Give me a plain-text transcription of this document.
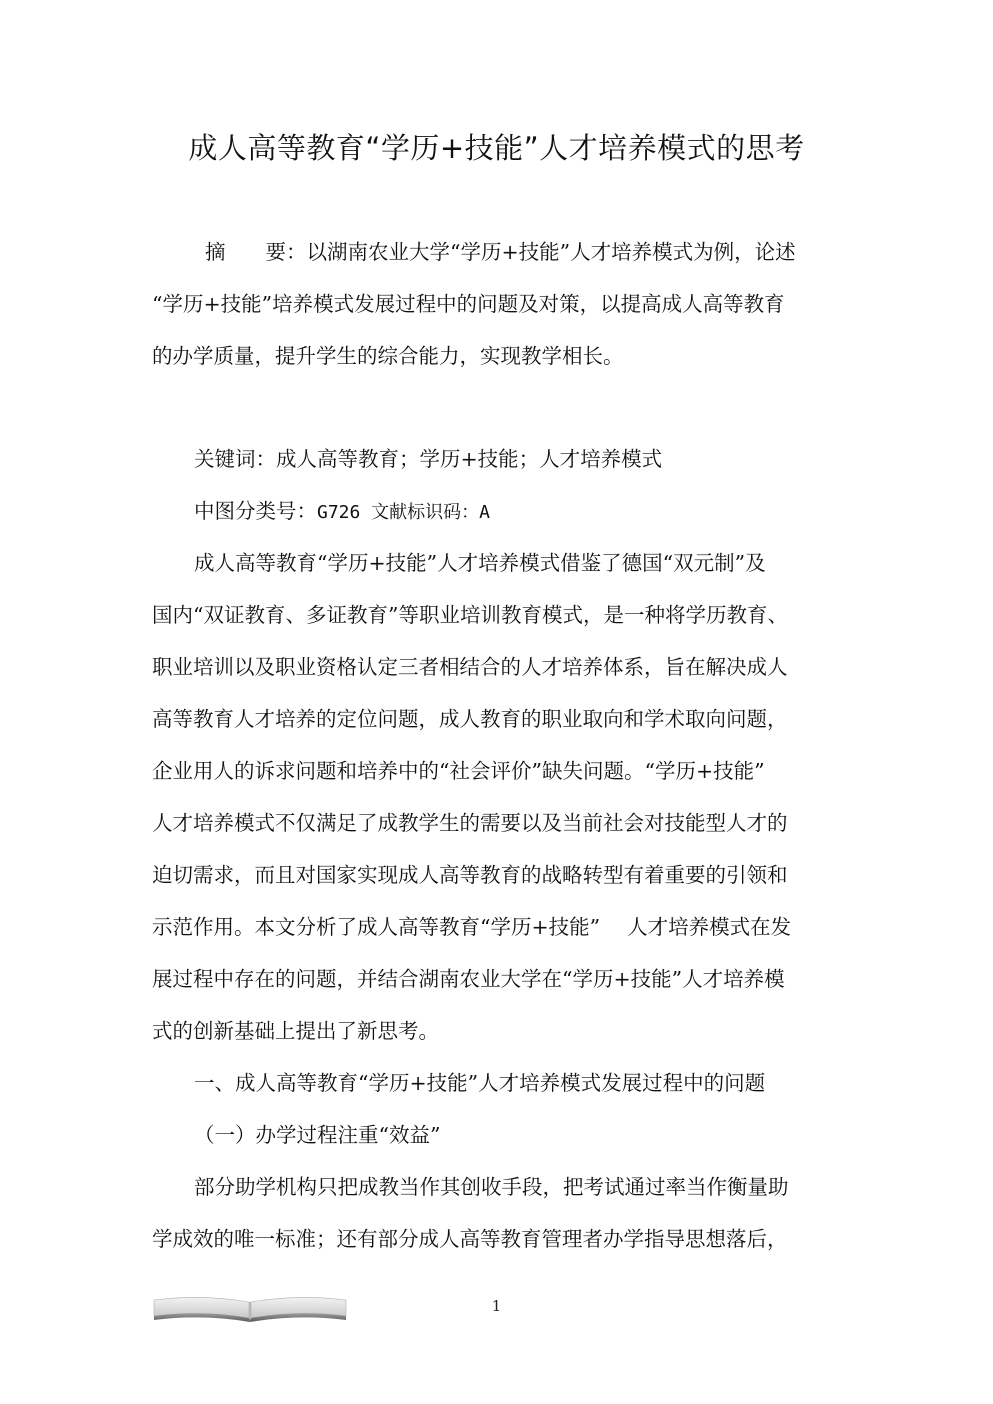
成人高等教育“学历+技能”人才培养模式的思考
摘 要：以湖南农业大学“学历+技能”人才培养模式为例，论述
“学历+技能”培养模式发展过程中的问题及对策，以提高成人高等教育
的办学质量，提升学生的综合能力，实现教学相长。
关键词：成人高等教育；学历+技能；人才培养模式
中图分类号：G726 文献标识码：A
成人高等教育“学历+技能”人才培养模式借鉴了德国“双元制”及
国内“双证教育、多证教育”等职业培训教育模式，是一种将学历教育、
职业培训以及职业资格认定三者相结合的人才培养体系，旨在解决成人
高等教育人才培养的定位问题，成人教育的职业取向和学术取向问题，
企业用人的诉求问题和培养中的“社会评价”缺失问题。“学历+技能”
人才培养模式不仅满足了成教学生的需要以及当前社会对技能型人才的
迫切需求，而且对国家实现成人高等教育的战略转型有着重要的引领和
示范作用。本文分析了成人高等教育“学历+技能”　 人才培养模式在发
展过程中存在的问题，并结合湖南农业大学在“学历+技能”人才培养模
式的创新基础上提出了新思考。
一、成人高等教育“学历+技能”人才培养模式发展过程中的问题
（一）办学过程注重“效益”
部分助学机构只把成教当作其创收手段，把考试通过率当作衡量助
学成效的唯一标准；还有部分成人高等教育管理者办学指导思想落后，
1
